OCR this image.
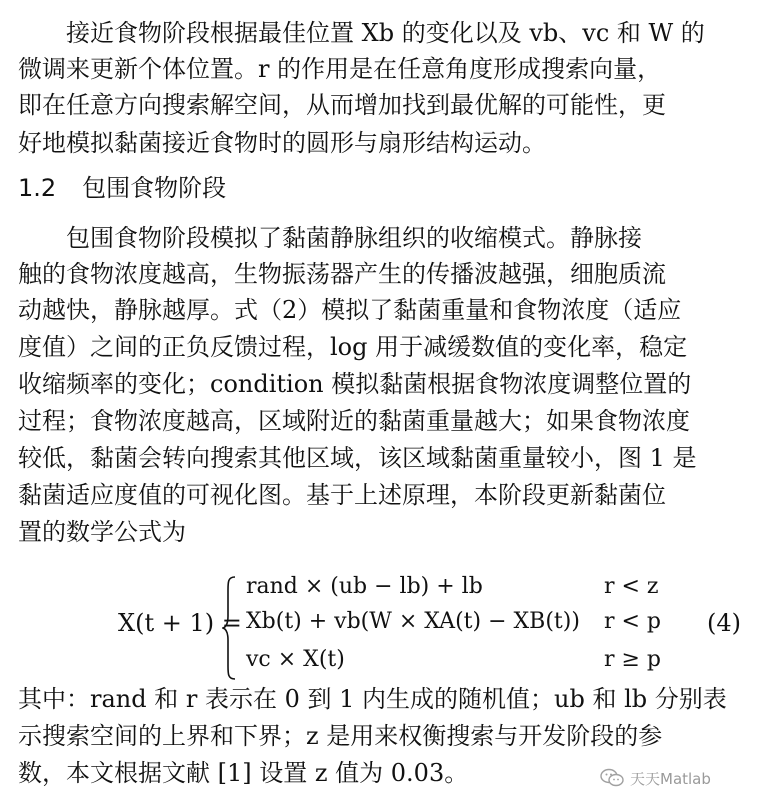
接近食物阶段根据最佳位置 Xb 的变化以及 vb、vc 和 W 的
微调来更新个体位置。r 的作用是在任意角度形成搜索向量，
即在任意方向搜索解空间，从而增加找到最优解的可能性，更
好地模拟黏菌接近食物时的圆形与扇形结构运动。
1.2 包围食物阶段
包围食物阶段模拟了黏菌静脉组织的收缩模式。静脉接
触的食物浓度越高，生物振荡器产生的传播波越强，细胞质流
动越快，静脉越厚。式（2）模拟了黏菌重量和食物浓度（适应
度值）之间的正负反馈过程，log 用于减缓数值的变化率，稳定
收缩频率的变化；condition 模拟黏菌根据食物浓度调整位置的
过程；食物浓度越高，区域附近的黏菌重量越大；如果食物浓度
较低，黏菌会转向搜索其他区域，该区域黏菌重量较小，图 1 是
黏菌适应度值的可视化图。基于上述原理，本阶段更新黏菌位
置的数学公式为
X(t + 1) =
rand × (ub − lb) + lb	r < z
Xb(t) + vb(W × XA(t) − XB(t)) r < p
vc × X(t)	r ≥ p
(4)
其中：rand 和 r 表示在 0 到 1 内生成的随机值；ub 和 lb 分别表
示搜索空间的上界和下界；z 是用来权衡搜索与开发阶段的参
数，本文根据文献 [1] 设置 z 值为 0.03。	天天Matlab
